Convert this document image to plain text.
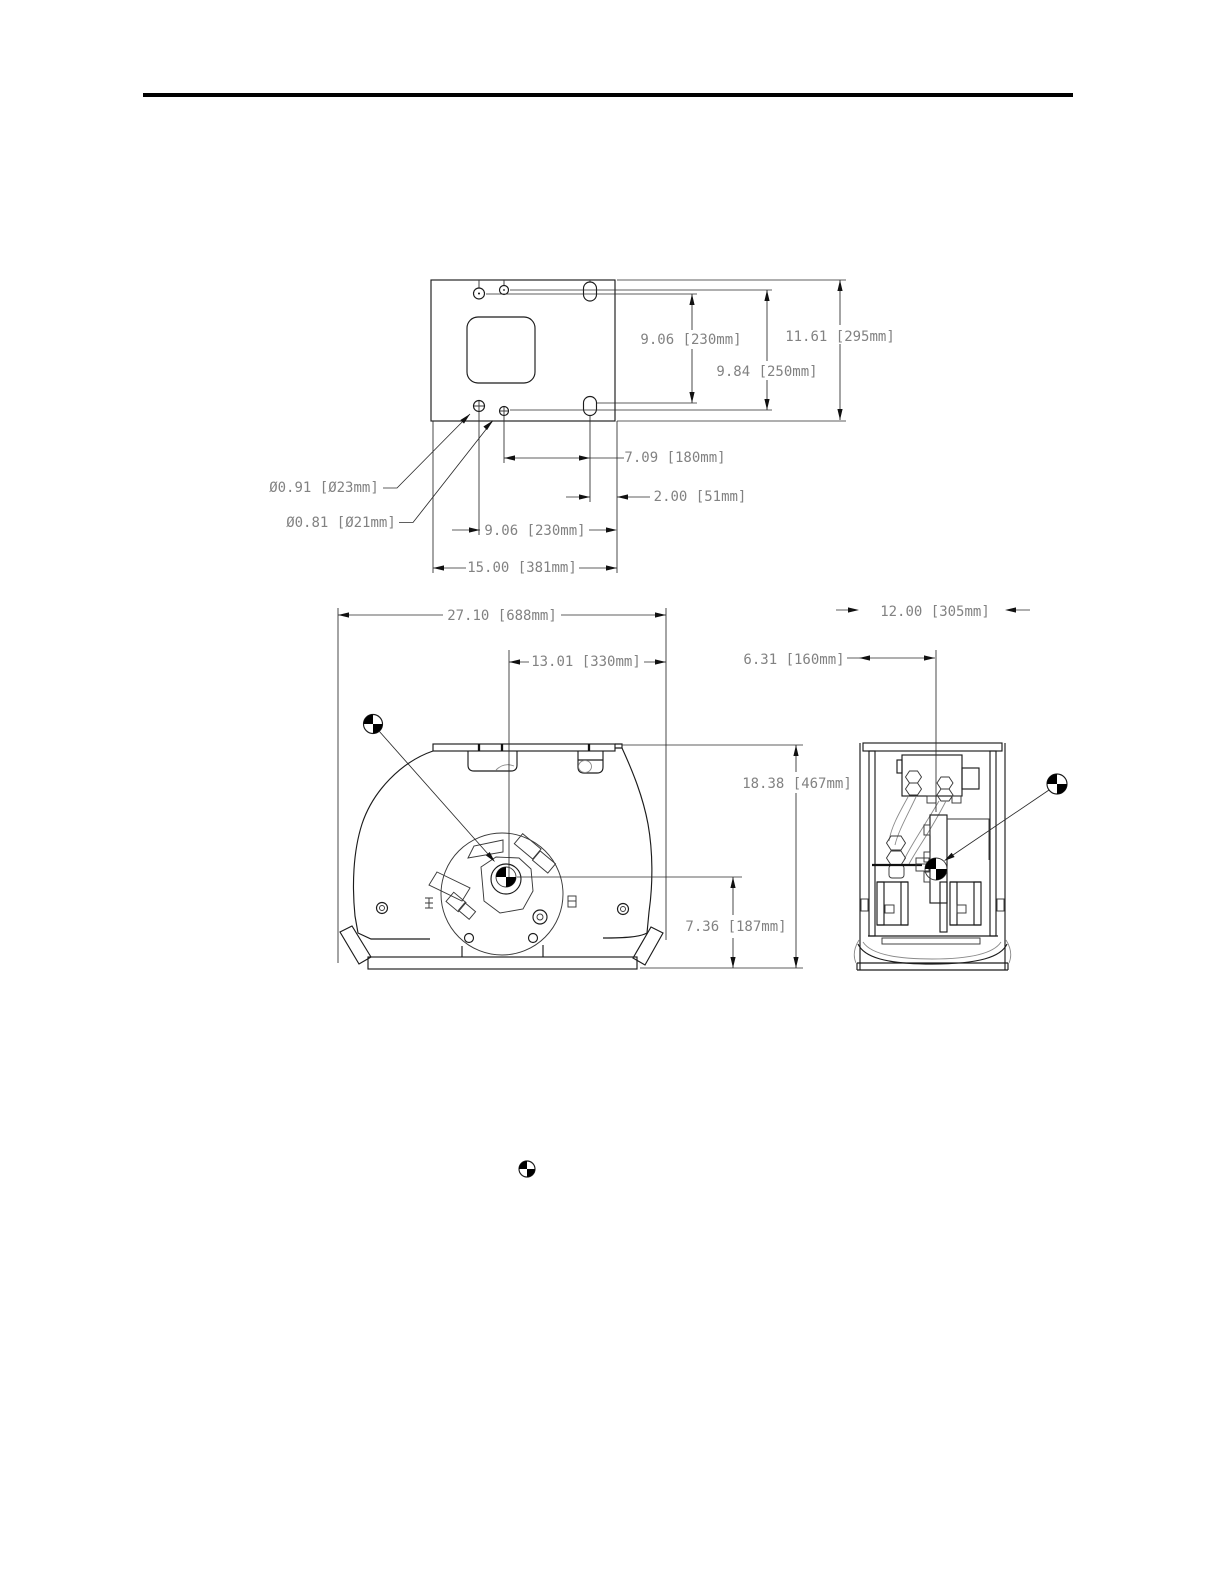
9.06 [230mm]
9.84 [250mm]
11.61 [295mm]
7.09 [180mm]
2.00 [51mm]
9.06 [230mm]
15.00 [381mm]
Ø0.91 [Ø23mm]
Ø0.81 [Ø21mm]
27.10 [688mm]
13.01 [330mm]
18.38 [467mm]
7.36 [187mm]
12.00 [305mm]
6.31 [160mm]
